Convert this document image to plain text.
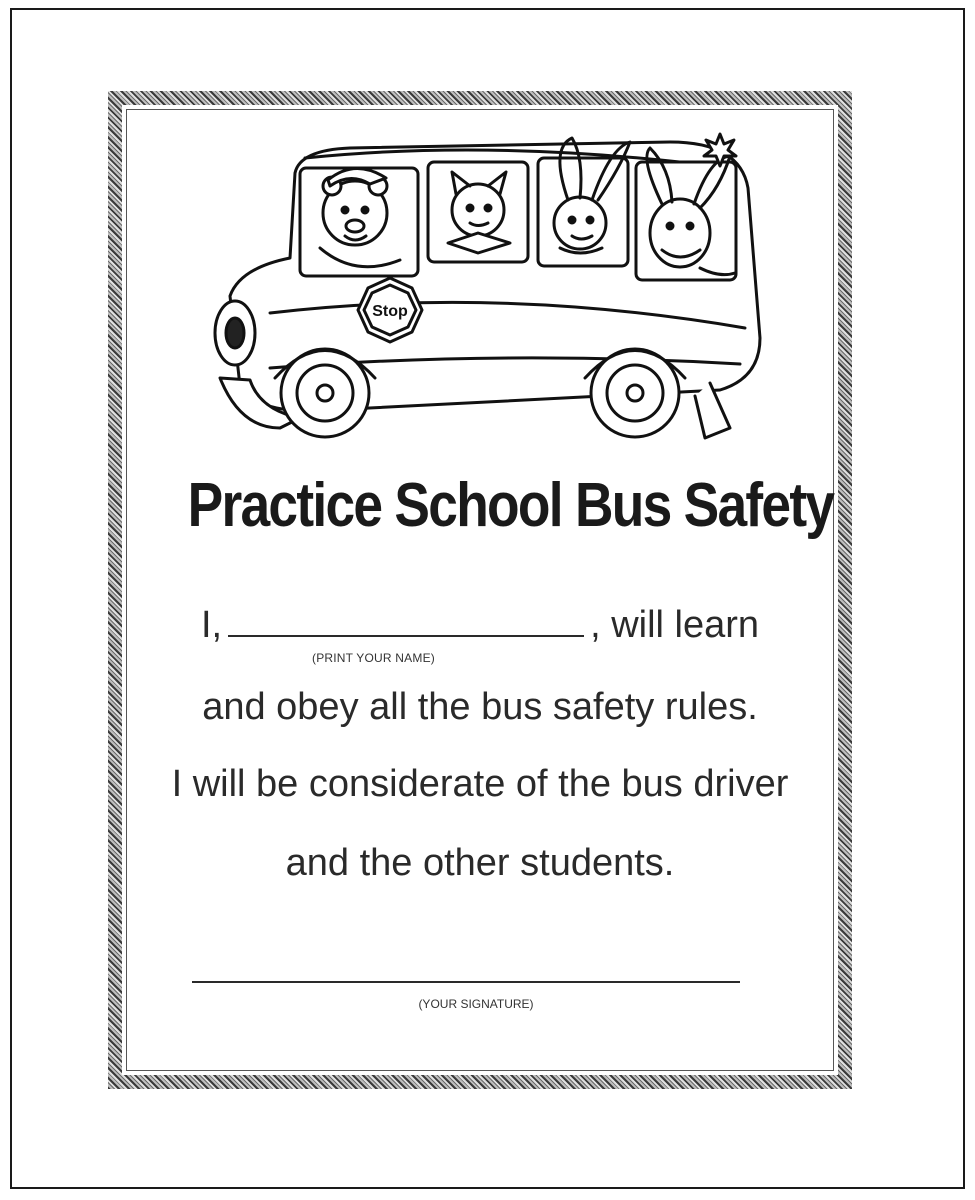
Stop
Practice School Bus Safety
I,	, will learn
(PRINT YOUR NAME)
and obey all the bus safety rules.
I will be considerate of the bus driver
and the other students.
(YOUR SIGNATURE)
